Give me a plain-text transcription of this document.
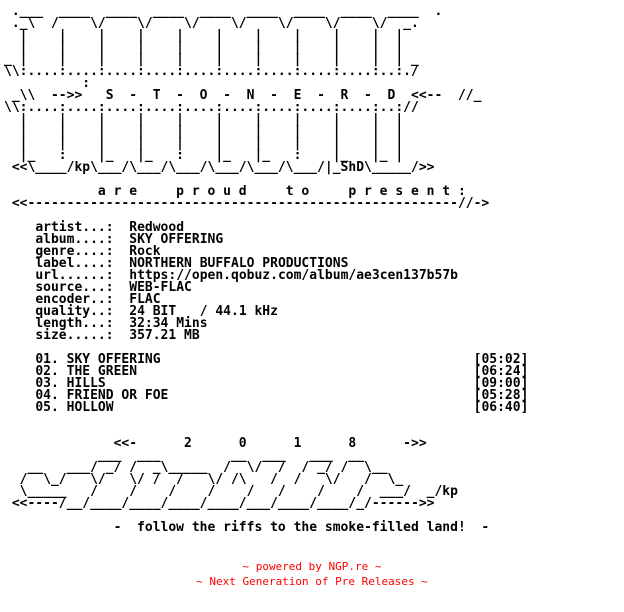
.___  ____  ____  ____  ____  ____  ____  ____  ____  .
._\  /    \/    \/    \/    \/    \/    \/    \/  _.
|    |    |    |    |    |    |    |    |    |  |
|    |    |    |    |    |    |    |    |    |  |
_ |    |    |    |    |    |    |    |    |    |  | _
\\:....:....:....:....:....:....:....:....:....:..:./
:
_\\  -->>   S  -  T  -  O  -  N  -  E  -  R  -  D  <<--  //_
\\:....:....:....:....:....:....:....:....:....:..://
|    |    |    |    |    |    |    |    |    |  |
|    |    |    |    |    |    |    |    |    |  |
|    |    |    |    |    |    |    |    |    |  |
|_   :    |_   |_   :    |_   |_   :    |_   |_ |
<<\____/kp\___/\___/\___/\___/\___/\___/|_ShD\_____/>>
a r e     p r o u d     t o     p r e s e n t :
<<-------------------------------------------------------//->
artist...: Redwood
album....: SKY OFFERING
genre....: Rock
label....: NORTHERN BUFFALO PRODUCTIONS
url......: https://open.qobuz.com/album/ae3cen137b57b
source...: WEB-FLAC
encoder..: FLAC
quality..: 24 BIT   / 44.1 kHz
length...: 32:34 Mins
size.....: 357.21 MB
01. SKY OFFERING	[05:02]
02. THE GREEN	[06:24]
03. HILLS	[09:00]
04. FRIEND OR FOE	[05:28]
05. HOLLOW	[06:40]
<<-      2      0      1      8      ->>
___  ___         __  ___   ___  __
__   ___/ _/ /  _\_____  /  \/  /  / _/ /  \__
/  \_/   \/   \/ /  /   \/ /\   /  /   \/   /  \_
\_____   /    /    /    /    /   /    /    /  ___/  _/kp
<<----/__/____/____/____/____/___/____/____/_/------>>
-  follow the riffs to the smoke-filled land!  -
~ powered by NGP.re ~
~ Next Generation of Pre Releases ~
